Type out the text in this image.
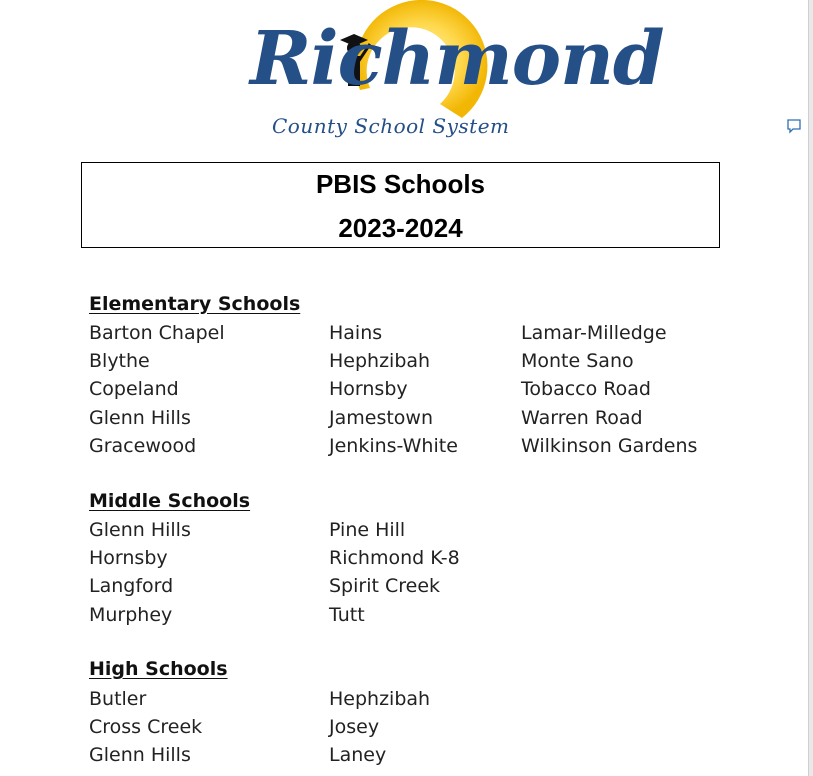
Richmond
County School System
PBIS Schools
2023-2024
Elementary Schools
Barton Chapel
Blythe
Copeland
Glenn Hills
Gracewood
Hains
Hephzibah
Hornsby
Jamestown
Jenkins-White
Lamar-Milledge
Monte Sano
Tobacco Road
Warren Road
Wilkinson Gardens
Middle Schools
Glenn Hills
Hornsby
Langford
Murphey
Pine Hill
Richmond K-8
Spirit Creek
Tutt
High Schools
Butler
Cross Creek
Glenn Hills
Hephzibah
Josey
Laney
